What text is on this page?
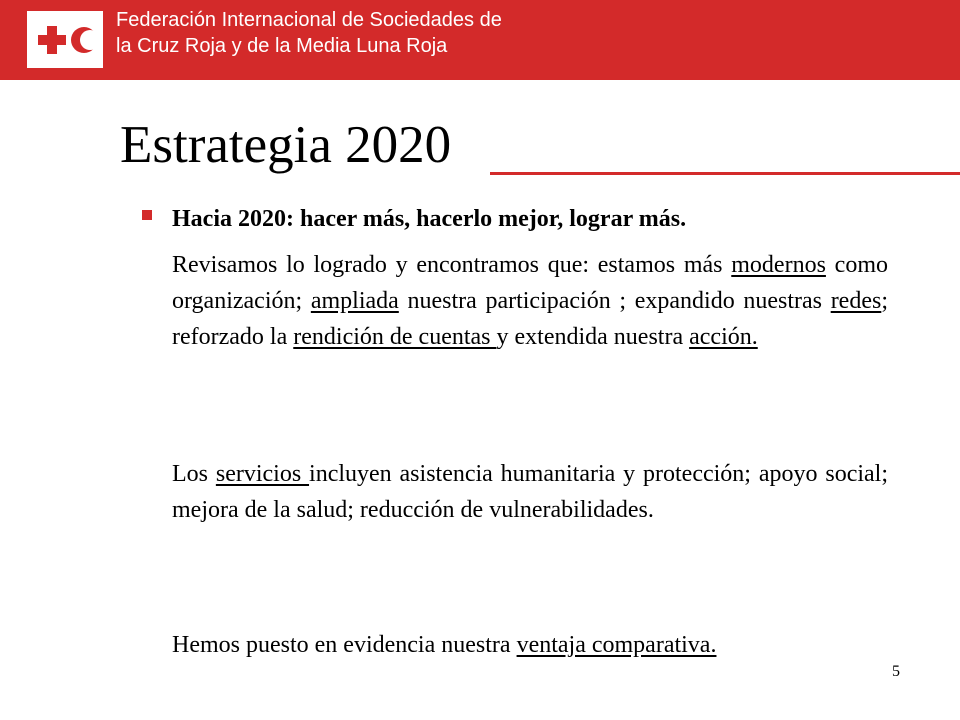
Federación Internacional de Sociedades de
la Cruz Roja y de la Media Luna Roja
Estrategia 2020
Hacia 2020: hacer más, hacerlo mejor, lograr más.
Revisamos lo logrado y encontramos que: estamos más modernos como organización; ampliada nuestra participación ; expandido nuestras redes; reforzado la rendición de cuentas y extendida nuestra acción.
Los servicios incluyen asistencia humanitaria y protección; apoyo social; mejora de la salud; reducción de vulnerabilidades.
Hemos puesto en evidencia nuestra ventaja comparativa.
5
